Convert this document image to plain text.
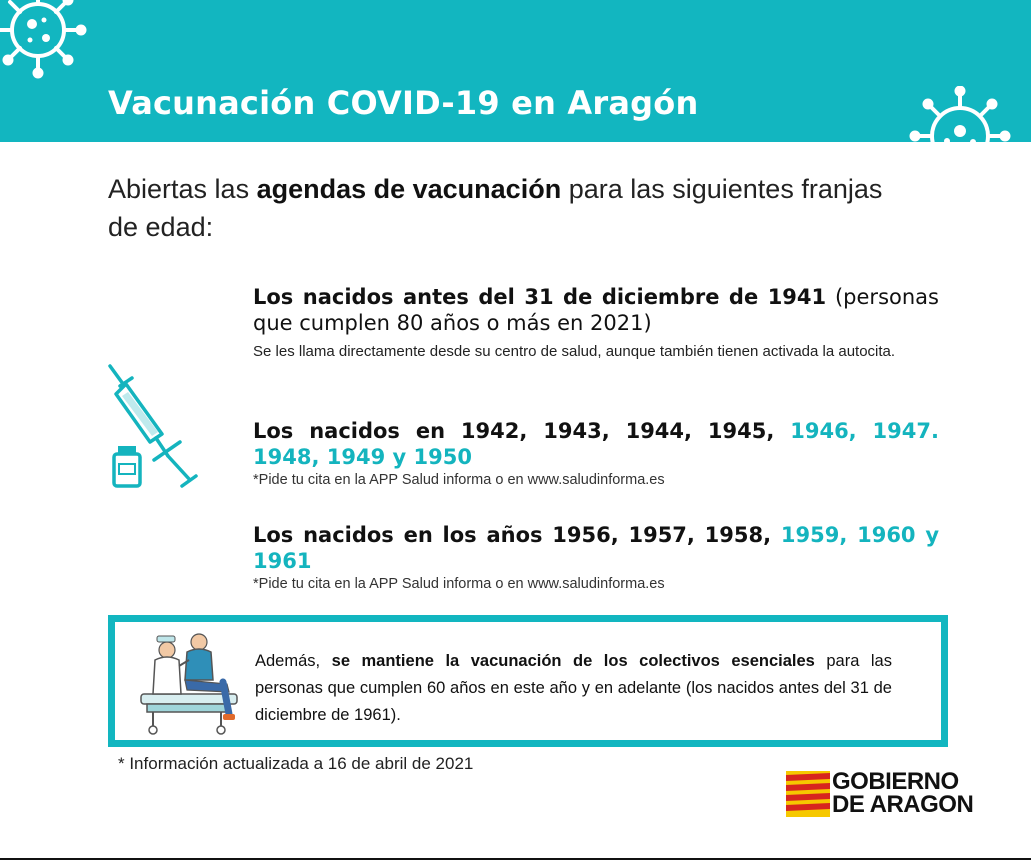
Vacunación COVID-19 en Aragón
Abiertas las agendas de vacunación para las siguientes franjas de edad:
Los nacidos antes del 31 de diciembre de 1941 (personas que cumplen 80 años o más en 2021)
Se les llama directamente desde su centro de salud, aunque también tienen activada la autocita.
Los nacidos en 1942, 1943, 1944, 1945, 1946, 1947. 1948, 1949 y 1950
*Pide tu cita en la APP Salud informa o en www.saludinforma.es
Los nacidos en los años 1956, 1957, 1958, 1959, 1960 y 1961
*Pide tu cita en la APP Salud informa o en www.saludinforma.es
Además, se mantiene la vacunación de los colectivos esenciales para las personas que cumplen 60 años en este año y en adelante (los nacidos antes del 31 de diciembre de 1961).
* Información actualizada a 16 de abril de 2021
GOBIERNO
DE ARAGON
